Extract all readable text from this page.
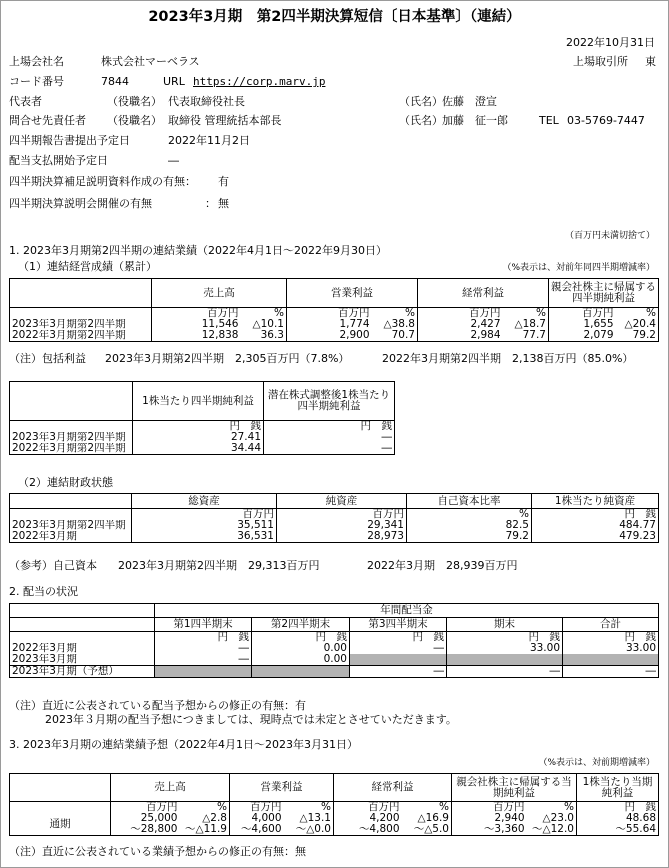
2023年3月期　第2四半期決算短信〔日本基準〕（連結）
2022年10月31日
上場会社名	株式会社マーベラス	上場取引所 東
コード番号	7844	URL https://corp.marv.jp
代表者	（役職名） 代表取締役社長	（氏名） 佐藤　澄宣
問合せ先責任者 （役職名） 取締役 管理統括本部長	（氏名） 加藤　征一郎	TEL 03-5769-7447
四半期報告書提出予定日	2022年11月2日
配当支払開始予定日	―
四半期決算補足説明資料作成の有無： 有
四半期決算説明会開催の有無	： 無
（百万円未満切捨て）
1. 2023年3月期第2四半期の連結業績（2022年4月1日～2022年9月30日）
（1）連結経営成績（累計）	（%表示は、対前年同四半期増減率）
	売上高		営業利益		経常利益		親会社株主に帰属する四半期純利益	
	百万円	%	百万円	%	百万円	%	百万円	%
2023年3月期第2四半期	11,546	△10.1	1,774	△38.8	2,427	△18.7	1,655	△20.4
2022年3月期第2四半期	12,838	36.3	2,900	70.7	2,984	77.7	2,079	79.2
（注）包括利益 2023年3月期第2四半期　2,305百万円（7.8%）	2022年3月期第2四半期　2,138百万円（85.0%）
	1株当たり四半期純利益	潜在株式調整後1株当たり四半期純利益
	円　銭	円　銭
2023年3月期第2四半期	27.41	―
2022年3月期第2四半期	34.44	―
（2）連結財政状態
	総資産	純資産	自己資本比率	1株当たり純資産
	百万円	百万円	%	円　銭
2023年3月期第2四半期	35,511	29,341	82.5	484.77
2022年3月期	36,531	28,973	79.2	479.23
（参考）自己資本 2023年3月期第2四半期　29,313百万円	2022年3月期　28,939百万円
2. 配当の状況
	年間配当金				
	第1四半期末	第2四半期末	第3四半期末	期末	合計
	円　銭	円　銭	円　銭	円　銭	円　銭
2022年3月期	―	0.00	―	33.00	33.00
2023年3月期	―	0.00			
2023年3月期（予想）			―	―	―
（注）直近に公表されている配当予想からの修正の有無：有
2023年３月期の配当予想につきましては、現時点では未定とさせていただきます。
3. 2023年3月期の連結業績予想（2022年4月1日～2023年3月31日）
（%表示は、対前期増減率）
	売上高		営業利益		経常利益		親会社株主に帰属する当期純利益		1株当たり当期純利益
	百万円	%	百万円	%	百万円	%	百万円	%	円　銭
通期	25,000	△2.8	4,000	△13.1	4,200	△16.9	2,940	△23.0	48.68
	～28,800	～△11.9	～4,600	～△0.0	～4,800	～△5.0	～3,360	～△12.0	～55.64
（注）直近に公表されている業績予想からの修正の有無：無
